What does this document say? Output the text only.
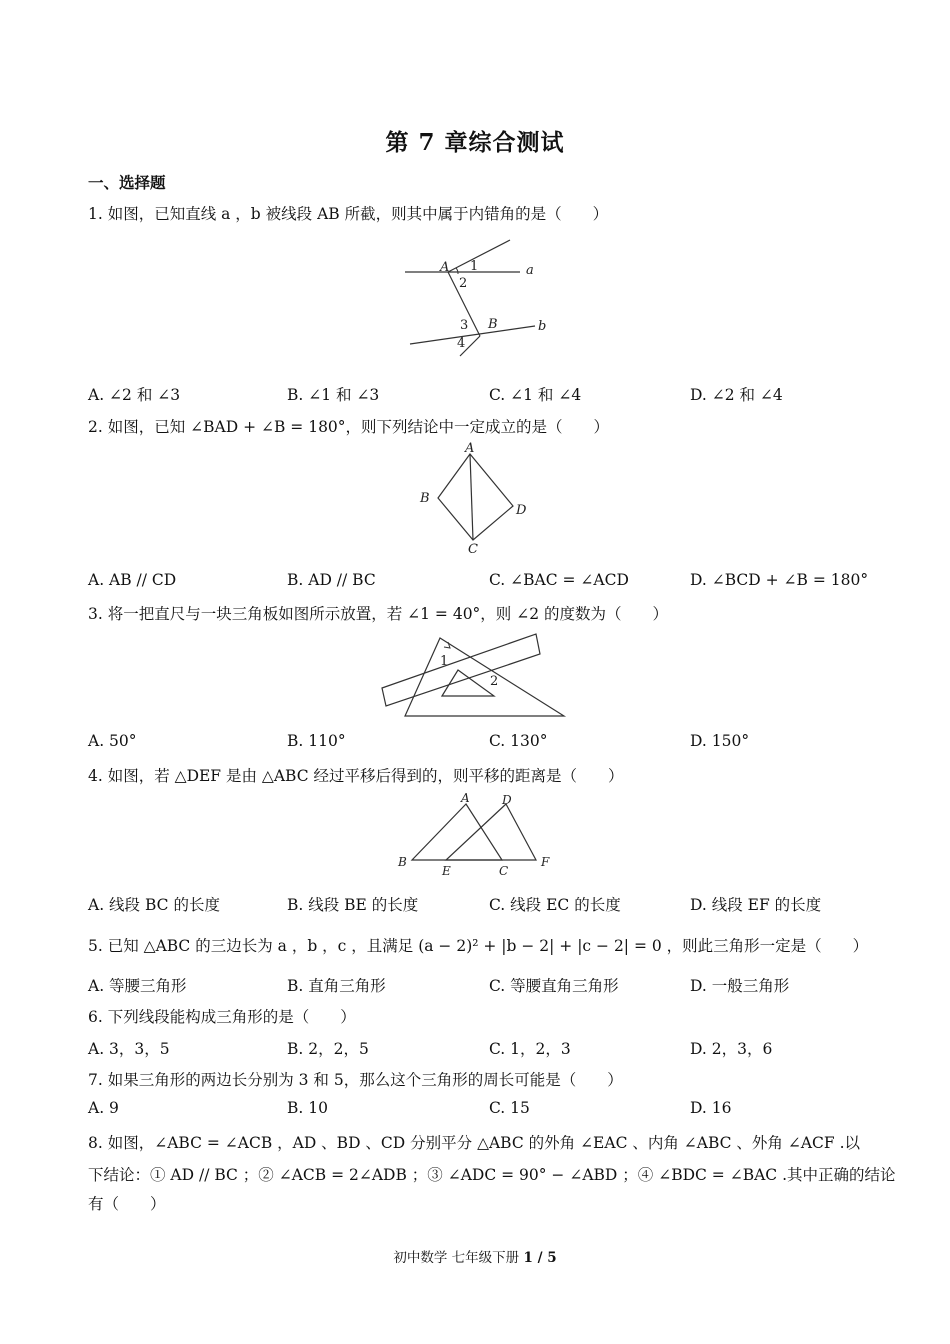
第 7 章综合测试
一、选择题
1. 如图，已知直线 a ，b 被线段 AB 所截，则其中属于内错角的是（　　）
A 1
2
a
3 B	b
4
A. ∠2 和 ∠3	B. ∠1 和 ∠3	C. ∠1 和 ∠4	D. ∠2 和 ∠4
2. 如图，已知 ∠BAD + ∠B = 180°，则下列结论中一定成立的是（　　）
A
B
C
D
A. AB // CD	B. AD // BC	C. ∠BAC = ∠ACD	D. ∠BCD + ∠B = 180°
3. 将一把直尺与一块三角板如图所示放置，若 ∠1 = 40°，则 ∠2 的度数为（　　）
1
2
A. 50°	B. 110°	C. 130°	D. 150°
4. 如图，若 △DEF 是由 △ABC 经过平移后得到的，则平移的距离是（　　）
A	D
B
E	C
F
A. 线段 BC 的长度	B. 线段 BE 的长度	C. 线段 EC 的长度	D. 线段 EF 的长度
5. 已知 △ABC 的三边长为 a ，b ，c ，且满足 (a − 2)² + |b − 2| + |c − 2| = 0 ，则此三角形一定是（　　）
A. 等腰三角形	B. 直角三角形	C. 等腰直角三角形	D. 一般三角形
6. 下列线段能构成三角形的是（　　）
A. 3，3，5	B. 2，2，5	C. 1，2，3	D. 2，3，6
7. 如果三角形的两边长分别为 3 和 5，那么这个三角形的周长可能是（　　）
A. 9	B. 10	C. 15	D. 16
8. 如图，∠ABC = ∠ACB ，AD 、BD 、CD 分别平分 △ABC 的外角 ∠EAC 、内角 ∠ABC 、外角 ∠ACF .以
下结论：① AD // BC ；② ∠ACB = 2∠ADB ；③ ∠ADC = 90° − ∠ABD ；④ ∠BDC = ∠BAC .其中正确的结论
有（　　）
初中数学 七年级下册 1 / 5
